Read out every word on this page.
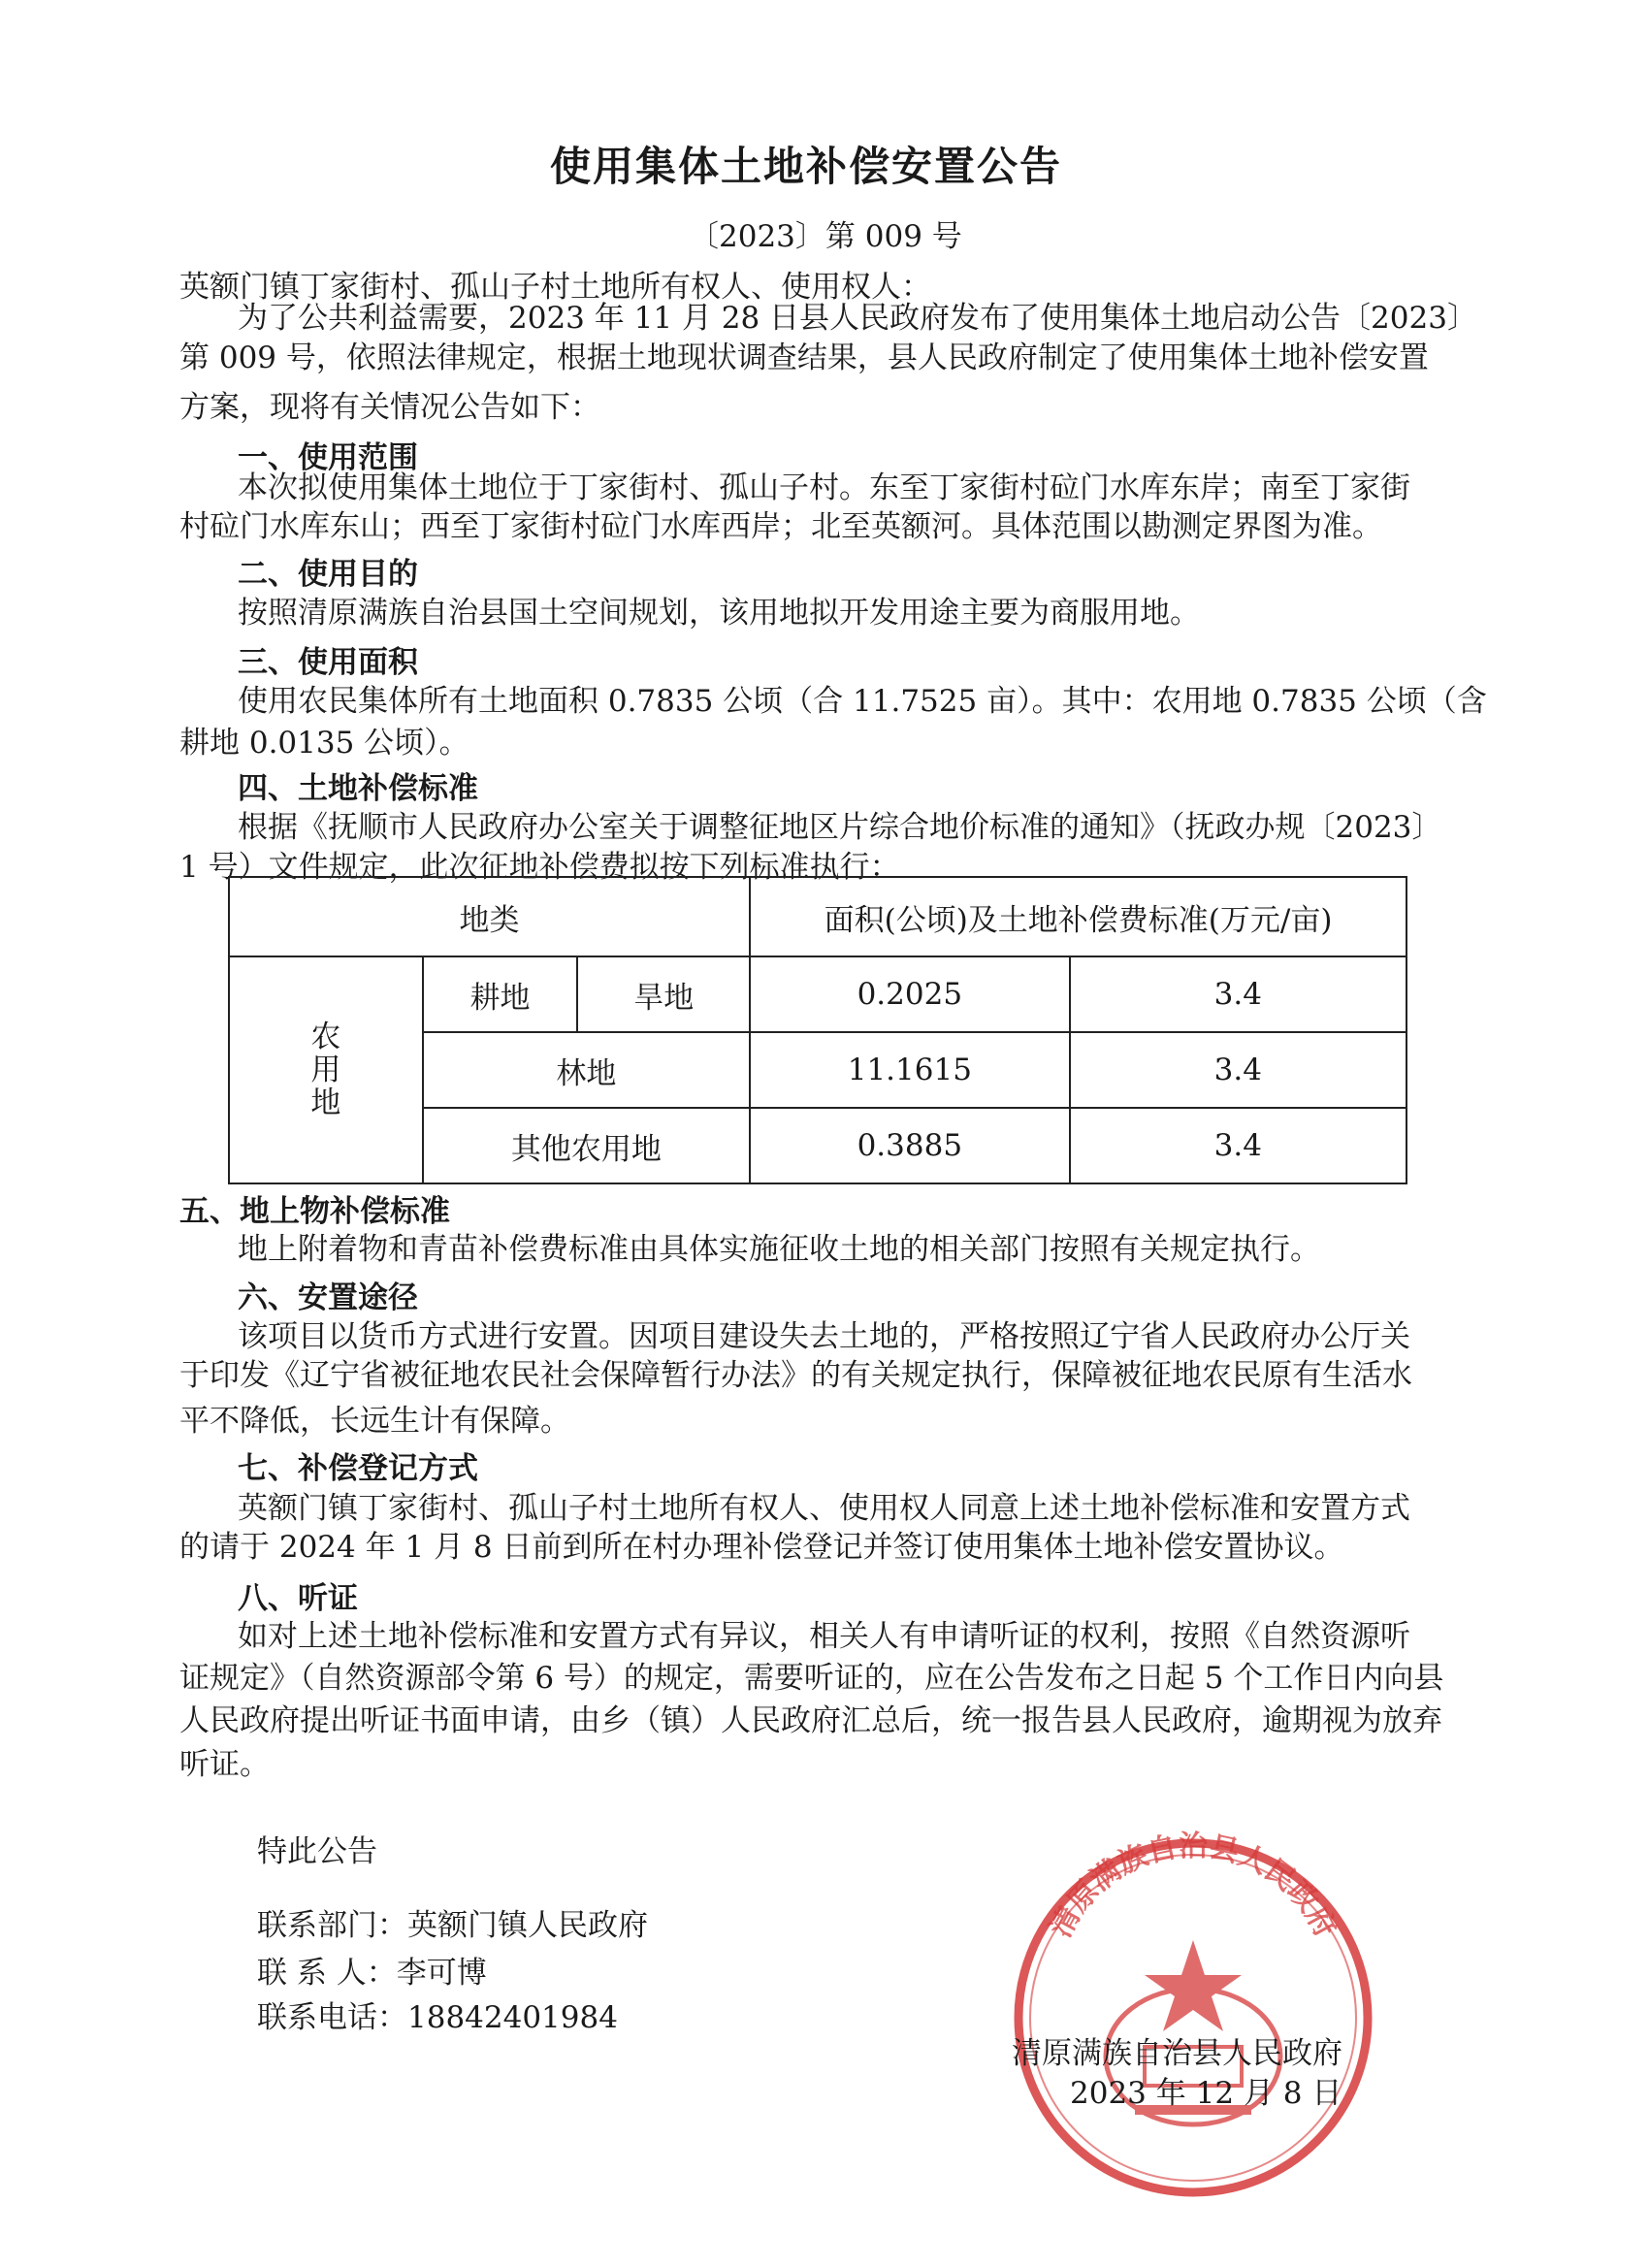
使用集体土地补偿安置公告
〔2023〕第 009 号
英额门镇丁家街村、孤山子村土地所有权人、使用权人：
为了公共利益需要，2023 年 11 月 28 日县人民政府发布了使用集体土地启动公告〔2023〕
第 009 号，依照法律规定，根据土地现状调查结果，县人民政府制定了使用集体土地补偿安置
方案，现将有关情况公告如下：
一、使用范围
本次拟使用集体土地位于丁家街村、孤山子村。东至丁家街村砬门水库东岸；南至丁家街
村砬门水库东山；西至丁家街村砬门水库西岸；北至英额河。具体范围以勘测定界图为准。
二、使用目的
按照清原满族自治县国土空间规划，该用地拟开发用途主要为商服用地。
三、使用面积
使用农民集体所有土地面积 0.7835 公顷（合 11.7525 亩）。其中：农用地 0.7835 公顷（含
耕地 0.0135 公顷）。
四、土地补偿标准
根据《抚顺市人民政府办公室关于调整征地区片综合地价标准的通知》（抚政办规〔2023〕
1 号）文件规定，此次征地补偿费拟按下列标准执行：
地类			面积(公顷)及土地补偿费标准(万元/亩)	

农
用
地	耕地	旱地	0.2025	3.4
	林地		11.1615	3.4
	其他农用地		0.3885	3.4
五、地上物补偿标准
地上附着物和青苗补偿费标准由具体实施征收土地的相关部门按照有关规定执行。
六、安置途径
该项目以货币方式进行安置。因项目建设失去土地的，严格按照辽宁省人民政府办公厅关
于印发《辽宁省被征地农民社会保障暂行办法》的有关规定执行，保障被征地农民原有生活水
平不降低，长远生计有保障。
七、补偿登记方式
英额门镇丁家街村、孤山子村土地所有权人、使用权人同意上述土地补偿标准和安置方式
的请于 2024 年 1 月 8 日前到所在村办理补偿登记并签订使用集体土地补偿安置协议。
八、听证
如对上述土地补偿标准和安置方式有异议，相关人有申请听证的权利，按照《自然资源听
证规定》（自然资源部令第 6 号）的规定，需要听证的，应在公告发布之日起 5 个工作日内向县
人民政府提出听证书面申请，由乡（镇）人民政府汇总后，统一报告县人民政府，逾期视为放弃
听证。
特此公告
联系部门：英额门镇人民政府
联 系 人：李可博
联系电话：18842401984
清原满族自治县人民政府
清原满族自治县人民政府
2023 年 12 月 8 日
